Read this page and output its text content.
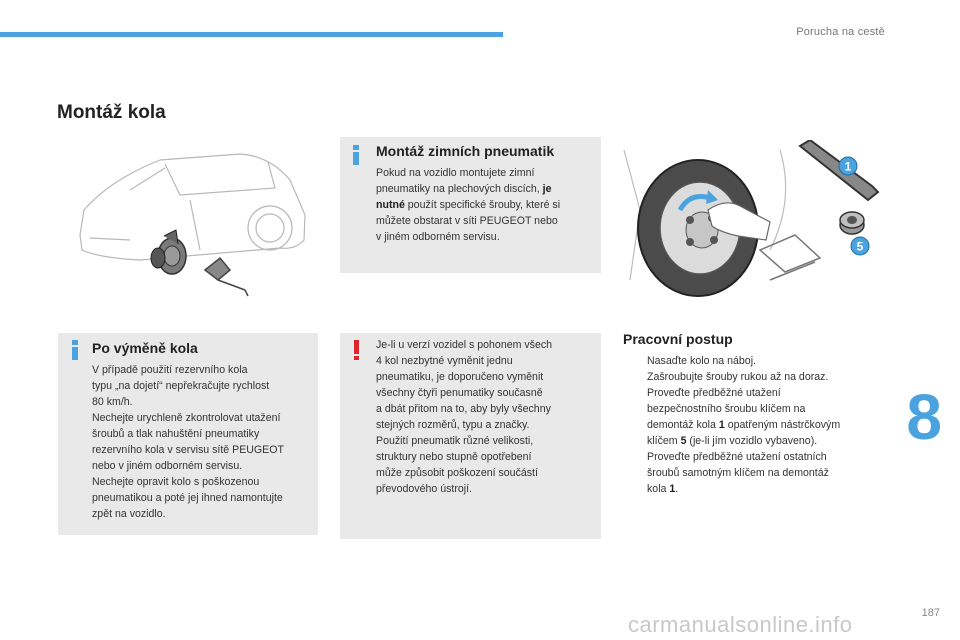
Porucha na cestě
Montáž kola
Montáž zimních pneumatik
Pokud na vozidlo montujete zimní
pneumatiky na plechových discích, je
nutné použít specifické šrouby, které si
můžete obstarat v síti PEUGEOT nebo
v jiném odborném servisu.
1
5
Po výměně kola
V případě použití rezervního kola
typu „na dojetí“ nepřekračujte rychlost
80 km/h.
Nechejte urychleně zkontrolovat utažení
šroubů a tlak nahuštění pneumatiky
rezervního kola v servisu sítě PEUGEOT
nebo v jiném odborném servisu.
Nechejte opravit kolo s poškozenou
pneumatikou a poté jej ihned namontujte
zpět na vozidlo.
Je-li u verzí vozidel s pohonem všech
4 kol nezbytné vyměnit jednu
pneumatiku, je doporučeno vyměnit
všechny čtyři penumatiky současně
a dbát přitom na to, aby byly všechny
stejných rozměrů, typu a značky.
Použití pneumatik různé velikosti,
struktury nebo stupně opotřebení
může způsobit poškození součástí
převodového ústrojí.
Pracovní postup
Nasaďte kolo na náboj.
Zašroubujte šrouby rukou až na doraz.
Proveďte předběžné utažení
bezpečnostního šroubu klíčem na
demontáž kola 1 opatřeným nástrčkovým
klíčem 5 (je-li jím vozidlo vybaveno).
Proveďte předběžné utažení ostatních
šroubů samotným klíčem na demontáž
kola 1.
8
carmanualsonline.info	187
